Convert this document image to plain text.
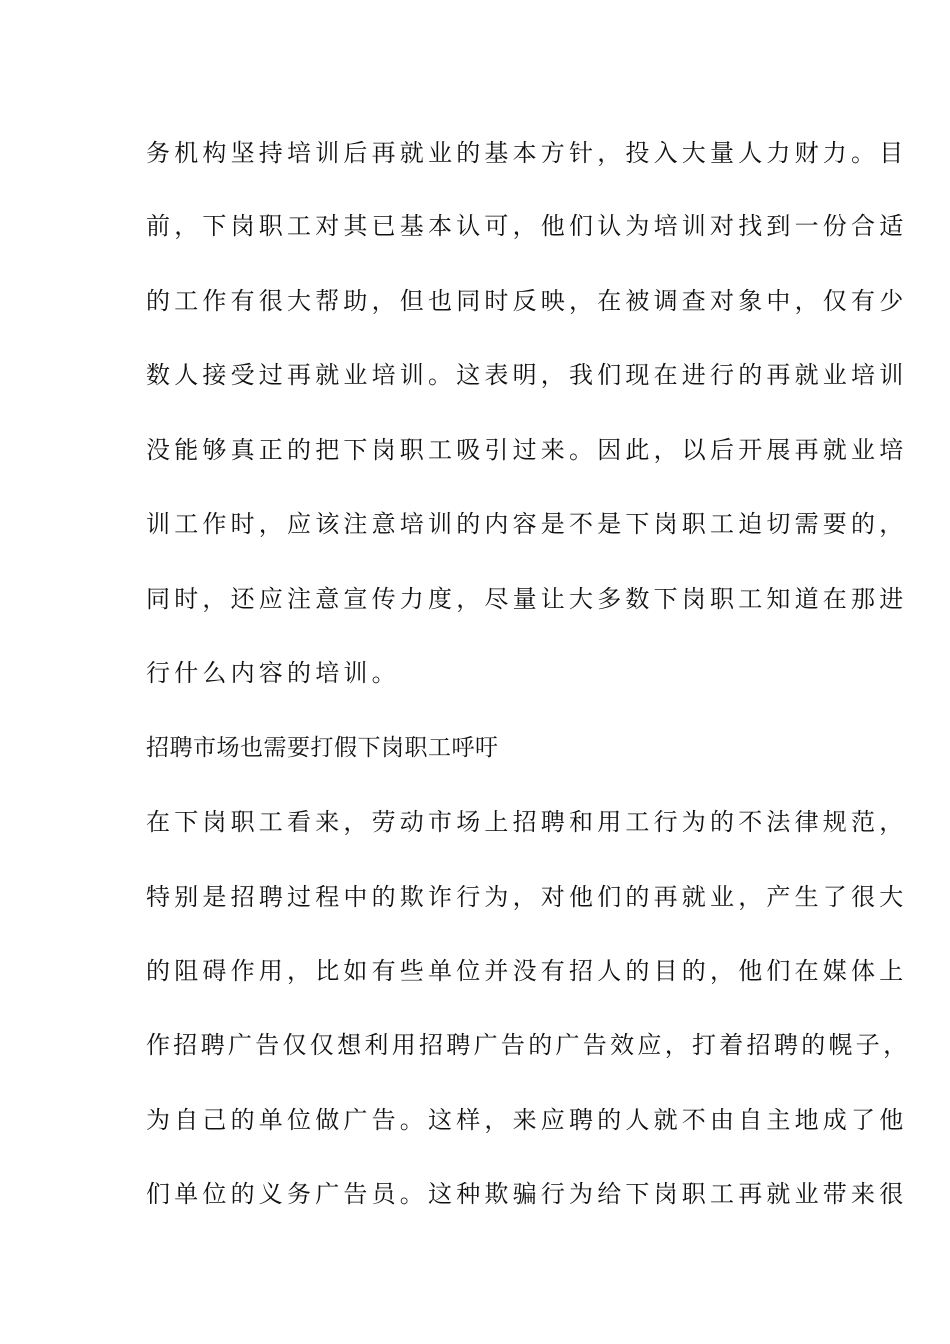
务机构坚持培训后再就业的基本方针，投入大量人力财力。目
前，下岗职工对其已基本认可，他们认为培训对找到一份合适
的工作有很大帮助，但也同时反映，在被调查对象中，仅有少
数人接受过再就业培训。这表明，我们现在进行的再就业培训
没能够真正的把下岗职工吸引过来。因此，以后开展再就业培
训工作时，应该注意培训的内容是不是下岗职工迫切需要的，
同时，还应注意宣传力度，尽量让大多数下岗职工知道在那进
行什么内容的培训。
招聘市场也需要打假下岗职工呼吁
在下岗职工看来，劳动市场上招聘和用工行为的不法律规范，
特别是招聘过程中的欺诈行为，对他们的再就业，产生了很大
的阻碍作用，比如有些单位并没有招人的目的，他们在媒体上
作招聘广告仅仅想利用招聘广告的广告效应，打着招聘的幌子，
为自己的单位做广告。这样，来应聘的人就不由自主地成了他
们单位的义务广告员。这种欺骗行为给下岗职工再就业带来很
